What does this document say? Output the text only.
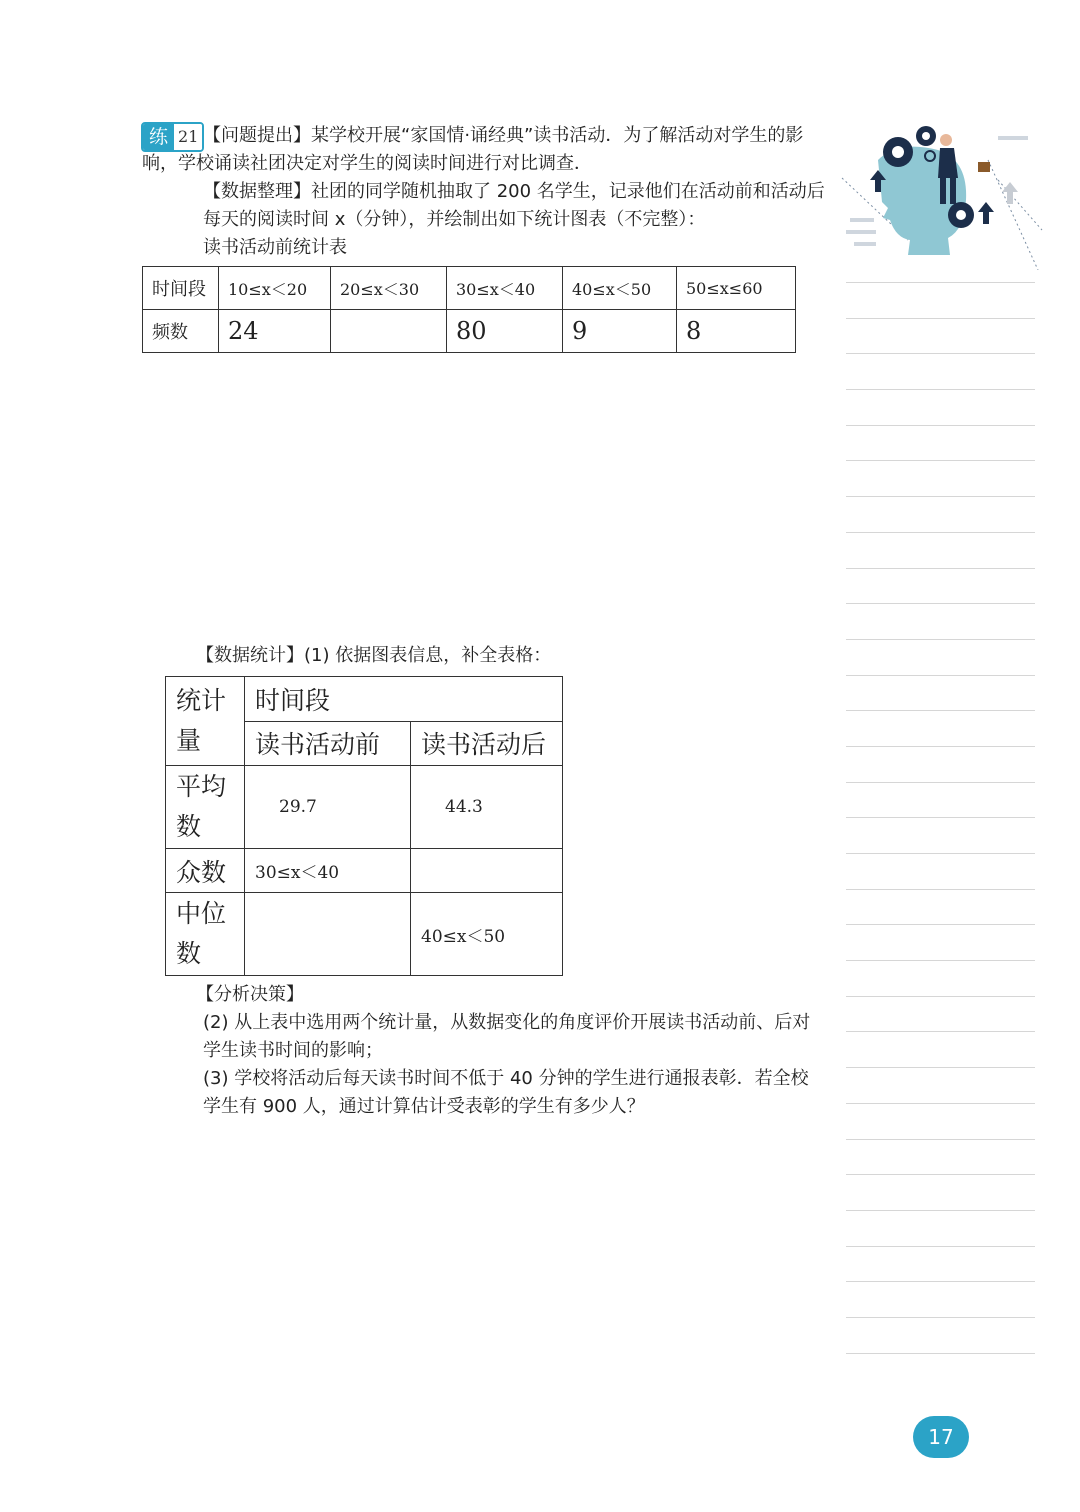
练 21 【问题提出】某学校开展“家国情·诵经典”读书活动．为了解活动对学生的影
响，学校诵读社团决定对学生的阅读时间进行对比调查．
【数据整理】社团的同学随机抽取了 200 名学生，记录他们在活动前和活动后
每天的阅读时间 x（分钟），并绘制出如下统计图表（不完整）：
读书活动前统计表
时间段	10≤x＜20	20≤x＜30	30≤x＜40	40≤x＜50	50≤x≤60
频数	24		80	9	8
【数据统计】(1) 依据图表信息，补全表格：
统计
量	时间段	
	读书活动前	读书活动后

平均
数	29.7	44.3
众数	30≤x＜40	

中位
数		40≤x＜50
【分析决策】
(2) 从上表中选用两个统计量，从数据变化的角度评价开展读书活动前、后对
学生读书时间的影响；
(3) 学校将活动后每天读书时间不低于 40 分钟的学生进行通报表彰．若全校
学生有 900 人，通过计算估计受表彰的学生有多少人？
17
